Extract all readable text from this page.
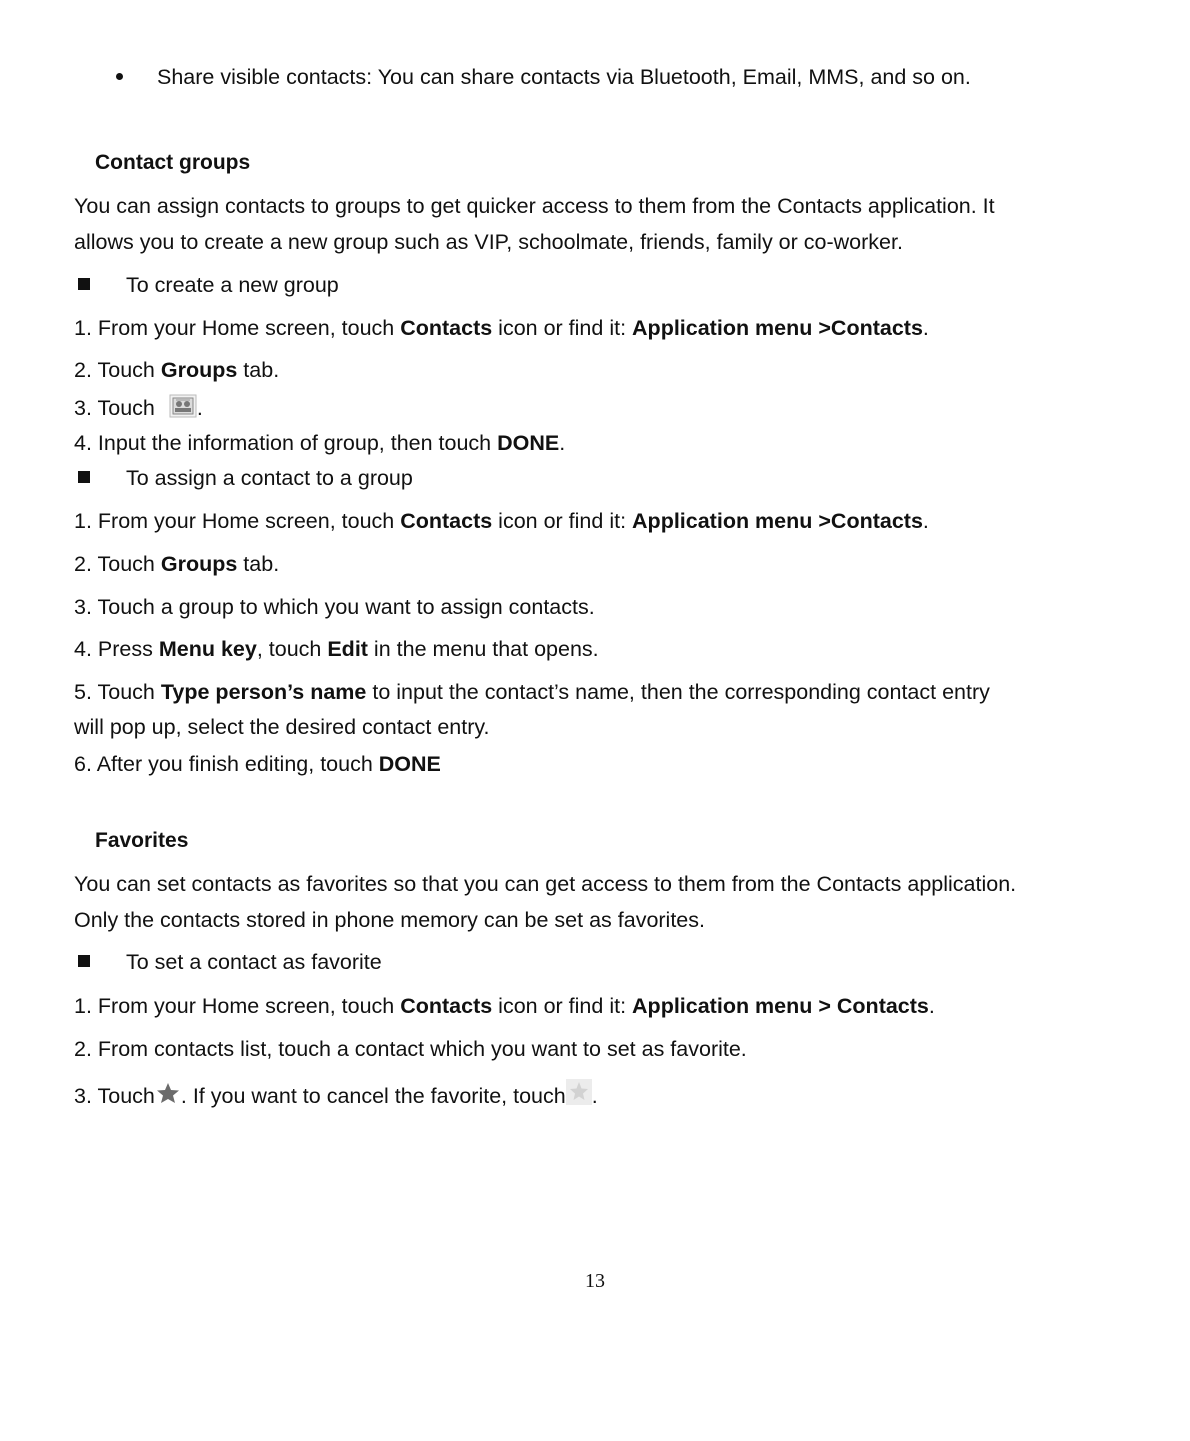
Share visible contacts: You can share contacts via Bluetooth, Email, MMS, and so on.
Contact groups
You can assign contacts to groups to get quicker access to them from the Contacts application. It
allows you to create a new group such as VIP, schoolmate, friends, family or co-worker.
To create a new group
1. From your Home screen, touch Contacts icon or find it: Application menu >Contacts.
2. Touch Groups tab.
3. Touch .
4. Input the information of group, then touch DONE.
To assign a contact to a group
1. From your Home screen, touch Contacts icon or find it: Application menu >Contacts.
2. Touch Groups tab.
3. Touch a group to which you want to assign contacts.
4. Press Menu key, touch Edit in the menu that opens.
5. Touch Type person’s name to input the contact’s name, then the corresponding contact entry
will pop up, select the desired contact entry.
6. After you finish editing, touch DONE
Favorites
You can set contacts as favorites so that you can get access to them from the Contacts application.
Only the contacts stored in phone memory can be set as favorites.
To set a contact as favorite
1. From your Home screen, touch Contacts icon or find it: Application menu > Contacts.
2. From contacts list, touch a contact which you want to set as favorite.
3. Touch . If you want to cancel the favorite, touch .
13
